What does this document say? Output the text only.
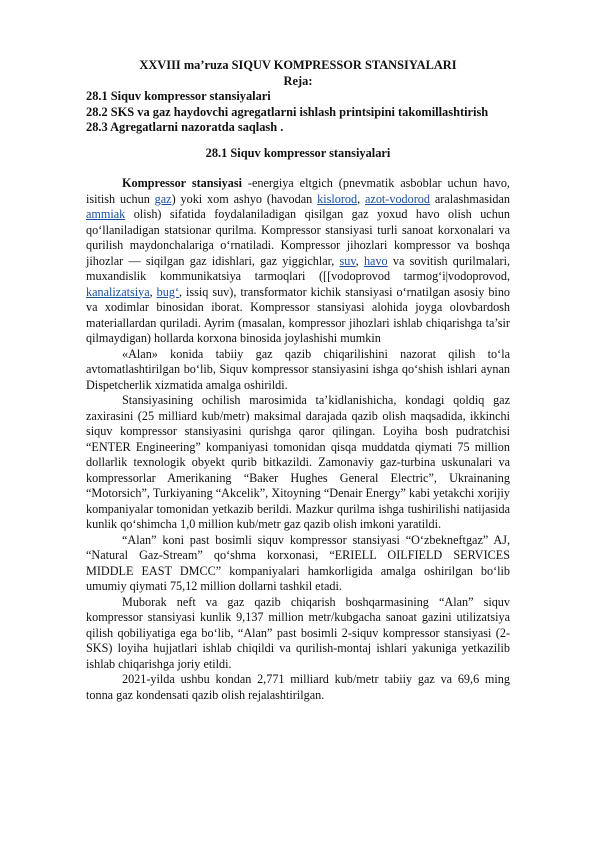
XXVIII ma’ruza SIQUV KOMPRESSOR STANSIYALARI
Reja:
28.1 Siquv kompressor stansiyalari
28.2 SKS va gaz haydovchi agregatlarni ishlash printsipini takomillashtirish
28.3 Agregatlarni nazoratda saqlash .
28.1 Siquv kompressor stansiyalari

Kompressor stansiyasi -energiya eltgich (pnevmatik asboblar uchun havo, isitish uchun gaz) yoki xom ashyo (havodan kislorod, azot-vodorod aralashmasidan ammiak olish) sifatida foydalaniladigan qisilgan gaz yoxud havo olish uchun qo‘llaniladigan statsionar qurilma. Kompressor stansiyasi turli sanoat korxonalari va qurilish maydonchalariga o‘rnatiladi. Kompressor jihozlari kompressor va boshqa jihozlar — siqilgan gaz idishlari, gaz yiggichlar, suv, havo va sovitish qurilmalari, muxandislik kommunikatsiya tarmoqlari ([[vodoprovod tarmog‘i|vodoprovod, kanalizatsiya, bug‘, issiq suv), transformator kichik stansiyasi o‘rnatilgan asosiy bino va xodimlar binosidan iborat. Kompressor stansiyasi alohida joyga olovbardosh materiallardan quriladi. Ayrim (masalan, kompressor jihozlari ishlab chiqarishga ta’sir qilmaydigan) hollarda korxona binosida joylashishi mumkin

«Alan» konida tabiiy gaz qazib chiqarilishini nazorat qilish to‘la avtomatlashtirilgan bo‘lib, Siquv kompressor stansiyasini ishga qo‘shish ishlari aynan Dispetcherlik xizmatida amalga oshirildi.

Stansiyasining ochilish marosimida ta’kidlanishicha, kondagi qoldiq gaz zaxirasini (25 milliard kub/metr) maksimal darajada qazib olish maqsadida, ikkinchi siquv kompressor stansiyasini qurishga qaror qilingan. Loyiha bosh pudratchisi “ENTER Engineering” kompaniyasi tomonidan qisqa muddatda qiymati 75 million dollarlik texnologik obyekt qurib bitkazildi. Zamonaviy gaz-turbina uskunalari va kompressorlar Amerikaning “Baker Hughes General Electric”, Ukrainaning “Motorsich”, Turkiyaning “Akcelik”, Xitoyning “Denair Energy” kabi yetakchi xorijiy kompaniyalar tomonidan yetkazib berildi. Mazkur qurilma ishga tushirilishi natijasida kunlik qo‘shimcha 1,0 million kub/metr gaz qazib olish imkoni yaratildi.

“Alan” koni past bosimli siquv kompressor stansiyasi “O‘zbekneftgaz” AJ, “Natural Gaz-Stream” qo‘shma korxonasi, “ERIELL OILFIELD SERVICES MIDDLE EAST DMCC” kompaniyalari hamkorligida amalga oshirilgan bo‘lib umumiy qiymati 75,12 million dollarni tashkil etadi.

Muborak neft va gaz qazib chiqarish boshqarmasining “Alan” siquv kompressor stansiyasi kunlik 9,137 million metr/kubgacha sanoat gazini utilizatsiya qilish qobiliyatiga ega bo‘lib, “Alan” past bosimli 2-siquv kompressor stansiyasi (2-SKS) loyiha hujjatlari ishlab chiqildi va qurilish-montaj ishlari yakuniga yetkazilib ishlab chiqarishga joriy etildi.

2021-yilda ushbu kondan 2,771 milliard kub/metr tabiiy gaz va 69,6 ming tonna gaz kondensati qazib olish rejalashtirilgan.
